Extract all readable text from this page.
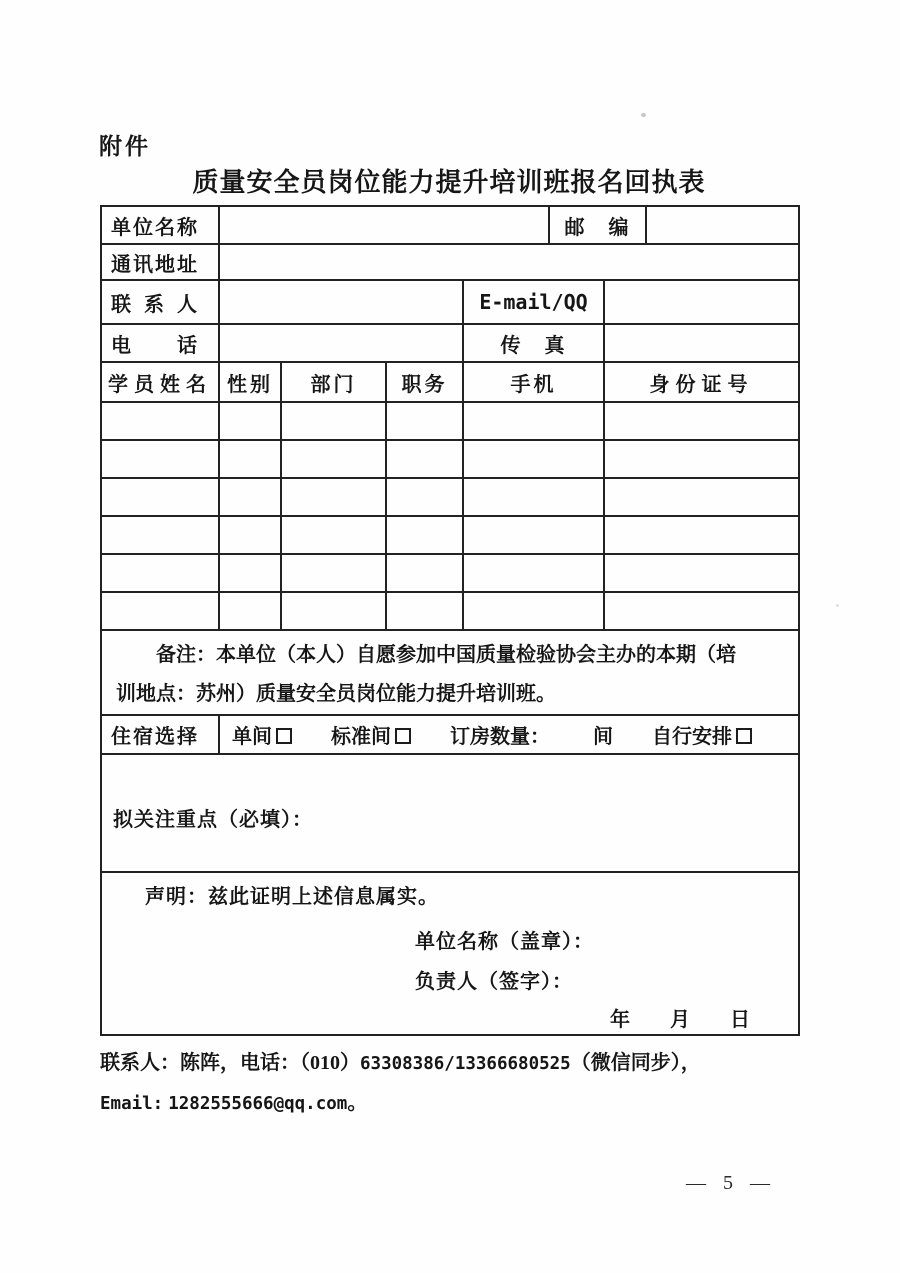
附件
质量安全员岗位能力提升培训班报名回执表
单位名称					邮　编		
通讯地址							
联系人				E-mail/QQ			
电　　话				传　真			
学员姓名	性别	部门	职务	手机		身份证号	

备注：本单位（本人）自愿参加中国质量检验协会主办的本期（培
训地点：苏州）质量安全员岗位能力提升培训班。							

住宿选择	单间 标准间 订房数量： 间 自行安排						
拟关注重点（必填）：							

声明：兹此证明上述信息属实。
单位名称（盖章）：
负责人（签字）：
年　　月　　日							
联系人：陈阵，电话：（010）63308386/13366680525（微信同步），
Email: 1282555666@qq.com。
— 5 —
